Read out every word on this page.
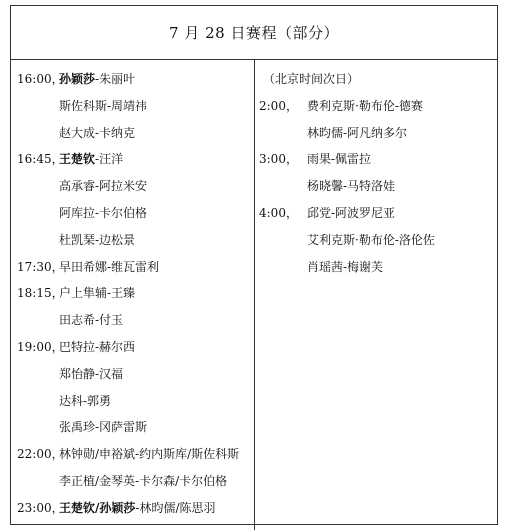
7 月 28 日赛程（部分）
16:00，
孙颖莎-朱丽叶
斯佐科斯-周靖祎
赵大成-卡纳克
16:45，
王楚钦-汪洋
高承睿-阿拉米安
阿库拉-卡尔伯格
杜凯琹-边松景
17:30，
早田希娜-维瓦雷利
18:15，
户上隼辅-王臻
田志希-付玉
19:00，
巴特拉-赫尔西
郑怡静-汉福
达科-郭勇
张禹珍-冈萨雷斯
22:00，
林钟勋/申裕斌-约内斯库/斯佐科斯
李正植/金琴英-卡尔森/卡尔伯格
23:00，
王楚钦/孙颖莎-林昀儒/陈思羽
（北京时间次日）
2:00， 费利克斯·勒布伦-德赛
林昀儒-阿凡纳多尔
3:00， 雨果-佩雷拉
杨晓馨-马特洛娃
4:00， 邱党-阿波罗尼亚
艾利克斯·勒布伦-洛伦佐
肖瑶茜-梅谢芙
